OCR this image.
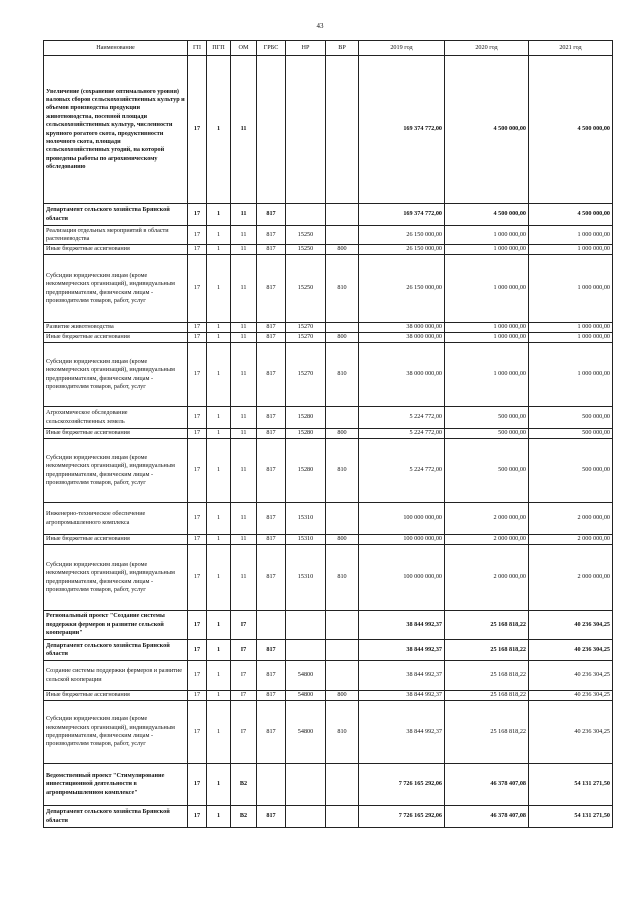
43
Наименование	ГП	ПГП	ОМ	ГРБС	НР	ВР	2019 год	2020 год	2021 год
Увеличение (сохранение оптимального уровня) валовых сборов сельскохозяйственных культур и объемов производства продукции животноводства, посевной площади сельскохозяйственных культур, численности крупного рогатого скота, продуктивности молочного скота, площади сельскохозяйственных угодий, на которой проведены работы по агрохимическому обследованию	17	1	11				169 374 772,00	4 500 000,00	4 500 000,00
Департамент сельского хозяйства Брянской области	17	1	11	817			169 374 772,00	4 500 000,00	4 500 000,00
Реализация отдельных мероприятий в области растениеводства	17	1	11	817	15250		26 150 000,00	1 000 000,00	1 000 000,00
Иные бюджетные ассигнования	17	1	11	817	15250	800	26 150 000,00	1 000 000,00	1 000 000,00
Субсидии юридическим лицам (кроме некоммерческих организаций), индивидуальным предпринимателям, физическим лицам - производителям товаров, работ, услуг	17	1	11	817	15250	810	26 150 000,00	1 000 000,00	1 000 000,00
Развитие животноводства	17	1	11	817	15270		38 000 000,00	1 000 000,00	1 000 000,00
Иные бюджетные ассигнования	17	1	11	817	15270	800	38 000 000,00	1 000 000,00	1 000 000,00
Субсидии юридическим лицам (кроме некоммерческих организаций), индивидуальным предпринимателям, физическим лицам - производителям товаров, работ, услуг	17	1	11	817	15270	810	38 000 000,00	1 000 000,00	1 000 000,00
Агрохимическое обследование сельскохозяйственных земель	17	1	11	817	15280		5 224 772,00	500 000,00	500 000,00
Иные бюджетные ассигнования	17	1	11	817	15280	800	5 224 772,00	500 000,00	500 000,00
Субсидии юридическим лицам (кроме некоммерческих организаций), индивидуальным предпринимателям, физическим лицам - производителям товаров, работ, услуг	17	1	11	817	15280	810	5 224 772,00	500 000,00	500 000,00
Инженерно-техническое обеспечение агропромышленного комплекса	17	1	11	817	15310		100 000 000,00	2 000 000,00	2 000 000,00
Иные бюджетные ассигнования	17	1	11	817	15310	800	100 000 000,00	2 000 000,00	2 000 000,00
Субсидии юридическим лицам (кроме некоммерческих организаций), индивидуальным предпринимателям, физическим лицам - производителям товаров, работ, услуг	17	1	11	817	15310	810	100 000 000,00	2 000 000,00	2 000 000,00
Региональный проект "Создание системы поддержки фермеров и развитие сельской кооперации"	17	1	I7				38 844 992,37	25 168 818,22	40 236 304,25
Департамент сельского хозяйства Брянской области	17	1	I7	817			38 844 992,37	25 168 818,22	40 236 304,25
Создание системы поддержки фермеров и развитие сельской кооперации	17	1	I7	817	54800		38 844 992,37	25 168 818,22	40 236 304,25
Иные бюджетные ассигнования	17	1	I7	817	54800	800	38 844 992,37	25 168 818,22	40 236 304,25
Субсидии юридическим лицам (кроме некоммерческих организаций), индивидуальным предпринимателям, физическим лицам - производителям товаров, работ, услуг	17	1	I7	817	54800	810	38 844 992,37	25 168 818,22	40 236 304,25
Ведомственный проект "Стимулирование инвестиционной деятельности в агропромышленном комплексе"	17	1	В2				7 726 165 292,06	46 378 407,08	54 131 271,50
Департамент сельского хозяйства Брянской области	17	1	В2	817			7 726 165 292,06	46 378 407,08	54 131 271,50
